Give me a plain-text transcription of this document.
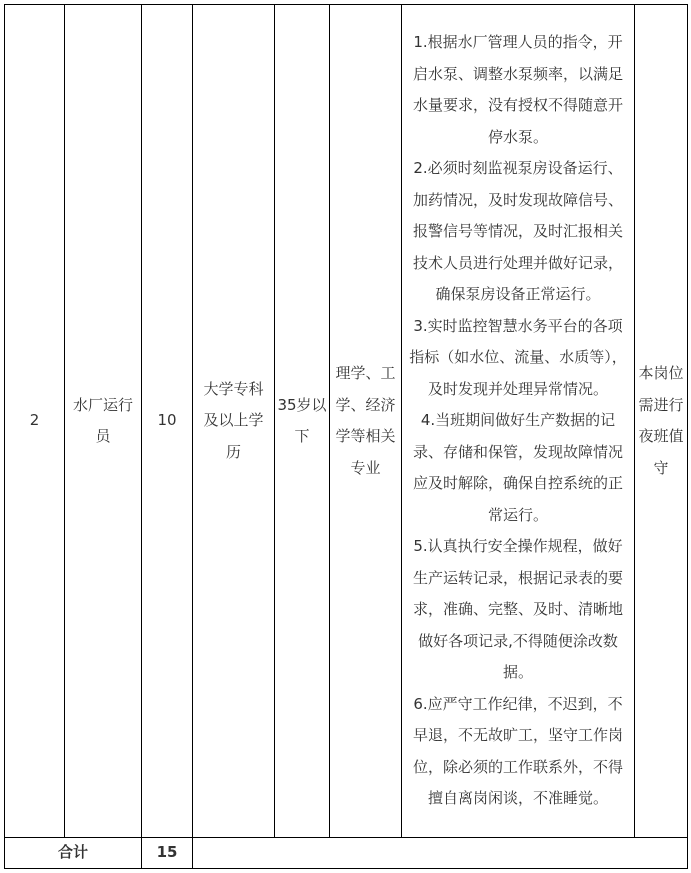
2
水厂运行员
10
大学专科及以上学历
35岁以下
理学、工学、经济学等相关专业

1.根据水厂管理人员的指令，开启水泵、调整水泵频率，以满足水量要求，没有授权不得随意开停水泵。

2.必须时刻监视泵房设备运行、加药情况，及时发现故障信号、报警信号等情况，及时汇报相关技术人员进行处理并做好记录，确保泵房设备正常运行。

3.实时监控智慧水务平台的各项指标（如水位、流量、水质等），及时发现并处理异常情况。

4.当班期间做好生产数据的记录、存储和保管，发现故障情况应及时解除，确保自控系统的正常运行。

5.认真执行安全操作规程，做好生产运转记录，根据记录表的要求，准确、完整、及时、清晰地做好各项记录,不得随便涂改数据。

6.应严守工作纪律，不迟到，不早退，不无故旷工，坚守工作岗位，除必须的工作联系外，不得擅自离岗闲谈，不准睡觉。

本岗位需进行夜班值守
合计	15
